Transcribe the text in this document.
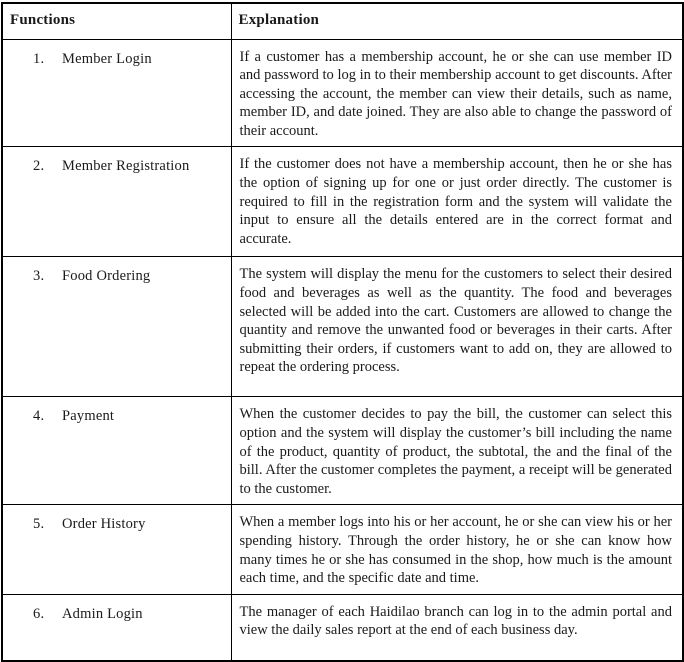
Functions	Explanation
1. Member Login	If a customer has a membership account, he or she can use member ID and password to log in to their membership account to get discounts. After accessing the account, the member can view their details, such as name, member ID, and date joined. They are also able to change the password of their account.
2. Member Registration	If the customer does not have a membership account, then he or she has the option of signing up for one or just order directly. The customer is required to fill in the registration form and the system will validate the input to ensure all the details entered are in the correct format and accurate.
3. Food Ordering	The system will display the menu for the customers to select their desired food and beverages as well as the quantity. The food and beverages selected will be added into the cart. Customers are allowed to change the quantity and remove the unwanted food or beverages in their carts. After submitting their orders, if customers want to add on, they are allowed to repeat the ordering process.
4. Payment	When the customer decides to pay the bill, the customer can select this option and the system will display the customer’s bill including the name of the product, quantity of product, the subtotal, the and the final of the bill. After the customer completes the payment, a receipt will be generated to the customer.
5. Order History	When a member logs into his or her account, he or she can view his or her spending history. Through the order history, he or she can know how many times he or she has consumed in the shop, how much is the amount each time, and the specific date and time.
6. Admin Login	The manager of each Haidilao branch can log in to the admin portal and view the daily sales report at the end of each business day.
